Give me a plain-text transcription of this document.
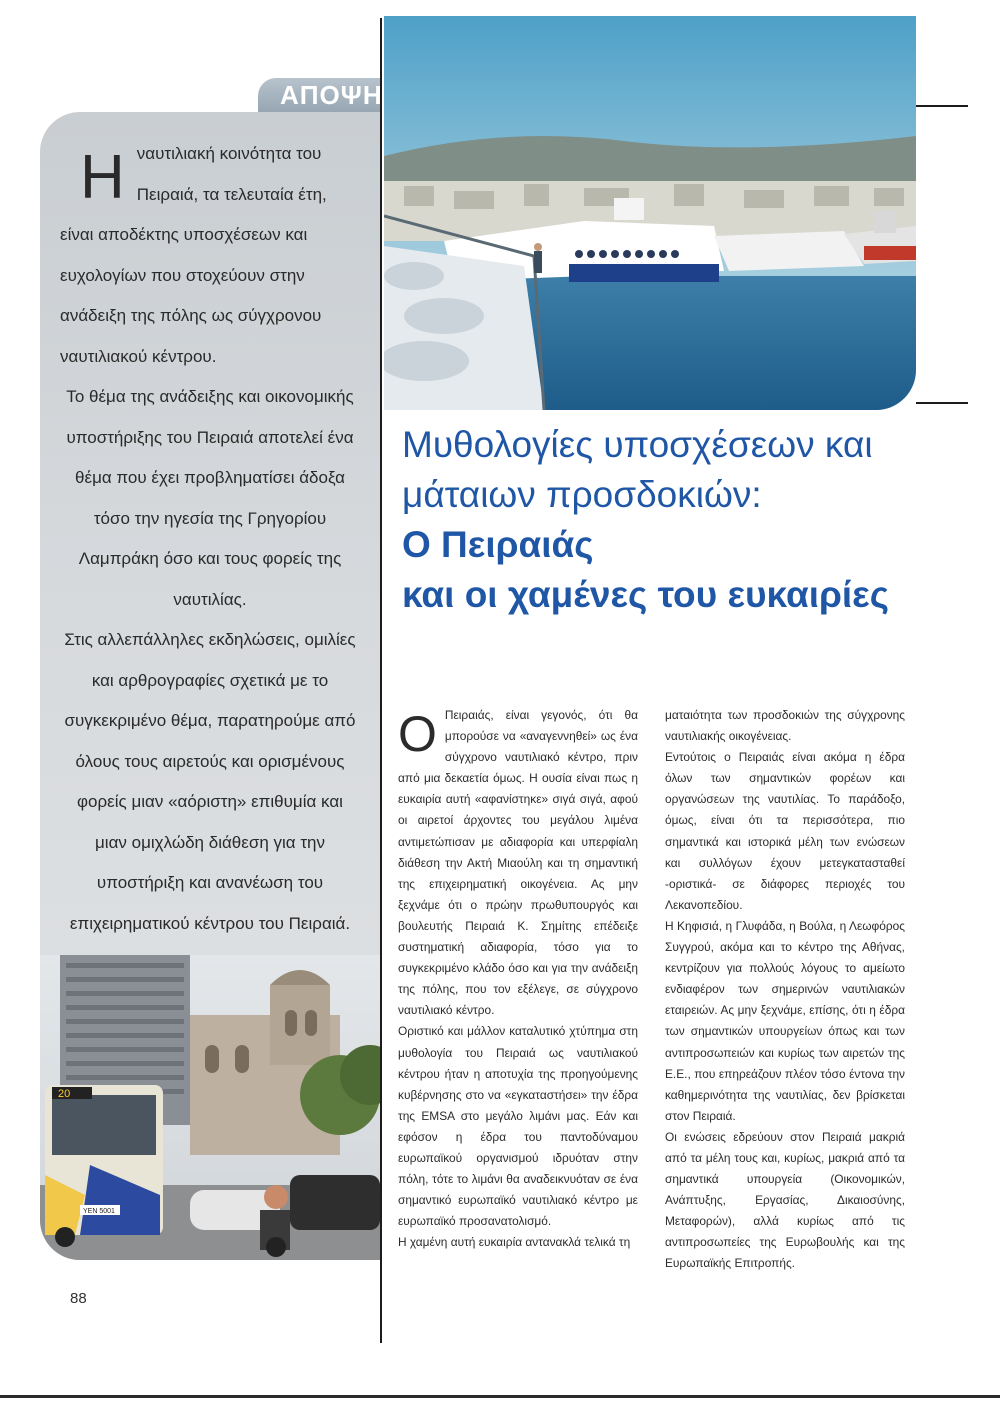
ΑΠΟΨΗ

Η ναυτιλιακή κοινότητα του Πειραιά, τα τελευταία έτη, είναι αποδέκτης υποσχέσεων και ευχολογίων που στοχεύουν στην ανάδειξη της πόλης ως σύγχρονου ναυτιλιακού κέντρου.

Το θέμα της ανάδειξης και οικονομικής υποστήριξης του Πειραιά αποτελεί ένα θέμα που έχει προβληματίσει άδοξα τόσο την ηγεσία της Γρηγορίου Λαμπράκη όσο και τους φορείς της ναυτιλίας.

Στις αλλεπάλληλες εκδηλώσεις, ομιλίες και αρθρογραφίες σχετικά με το συγκεκριμένο θέμα, παρατηρούμε από όλους τους αιρετούς και ορισμένους φορείς μιαν «αόριστη» επιθυμία και μιαν ομιχλώδη διάθεση για την υποστήριξη και ανανέωση του επιχειρηματικού κέντρου του Πειραιά.

20
ΥΕΝ 5001

Μυθολογίες υποσχέσεων και

μάταιων προσδοκιών:

Ο Πειραιάς

και οι χαμένες του ευκαιρίες

Ο Πειραιάς, είναι γεγονός, ότι θα μπορούσε να «αναγεννηθεί» ως ένα σύγχρονο ναυτιλιακό κέντρο, πριν από μια δεκαετία όμως. Η ουσία είναι πως η ευκαιρία αυτή «αφανίστηκε» σιγά σιγά, αφού οι αιρετοί άρχοντες του μεγάλου λιμένα αντιμετώπισαν με αδιαφορία και υπερφίαλη διάθεση την Ακτή Μιαούλη και τη σημαντική της επιχειρηματική οικογένεια. Ας μην ξεχνάμε ότι ο πρώην πρωθυπουργός και βουλευτής Πειραιά Κ. Σημίτης επέδειξε συστηματική αδιαφορία, τόσο για το συγκεκριμένο κλάδο όσο και για την ανάδειξη της πόλης, που τον εξέλεγε, σε σύγχρονο ναυτιλιακό κέντρο.

Οριστικό και μάλλον καταλυτικό χτύπημα στη μυθολογία του Πειραιά ως ναυτιλιακού κέντρου ήταν η αποτυχία της προηγούμενης κυβέρνησης στο να «εγκαταστήσει» την έδρα της EMSA στο μεγάλο λιμάνι μας. Εάν και εφόσον η έδρα του παντοδύναμου ευρωπαϊκού οργανισμού ιδρυόταν στην πόλη, τότε το λιμάνι θα αναδεικνυόταν σε ένα σημαντικό ευρωπαϊκό ναυτιλιακό κέντρο με ευρωπαϊκό προσανατολισμό.

Η χαμένη αυτή ευκαιρία αντανακλά τελικά τη

ματαιότητα των προσδοκιών της σύγχρονης ναυτιλιακής οικογένειας.

Εντούτοις ο Πειραιάς είναι ακόμα η έδρα όλων των σημαντικών φορέων και οργανώσεων της ναυτιλίας. Το παράδοξο, όμως, είναι ότι τα περισσότερα, πιο σημαντικά και ιστορικά μέλη των ενώσεων και συλλόγων έχουν μετεγκατασταθεί -οριστικά- σε διάφορες περιοχές του Λεκανοπεδίου.

Η Κηφισιά, η Γλυφάδα, η Βούλα, η Λεωφόρος Συγγρού, ακόμα και το κέντρο της Αθήνας, κεντρίζουν για πολλούς λόγους το αμείωτο ενδιαφέρον των σημερινών ναυτιλιακών εταιρειών. Ας μην ξεχνάμε, επίσης, ότι η έδρα των σημαντικών υπουργείων όπως και των αντιπροσωπειών και κυρίως των αιρετών της Ε.Ε., που επηρεάζουν πλέον τόσο έντονα την καθημερινότητα της ναυτιλίας, δεν βρίσκεται στον Πειραιά.

Οι ενώσεις εδρεύουν στον Πειραιά μακριά από τα μέλη τους και, κυρίως, μακριά από τα σημαντικά υπουργεία (Οικονομικών, Ανάπτυξης, Εργασίας, Δικαιοσύνης, Μεταφορών), αλλά κυρίως από τις αντιπροσωπείες της Ευρωβουλής και της Ευρωπαϊκής Επιτροπής.

88
